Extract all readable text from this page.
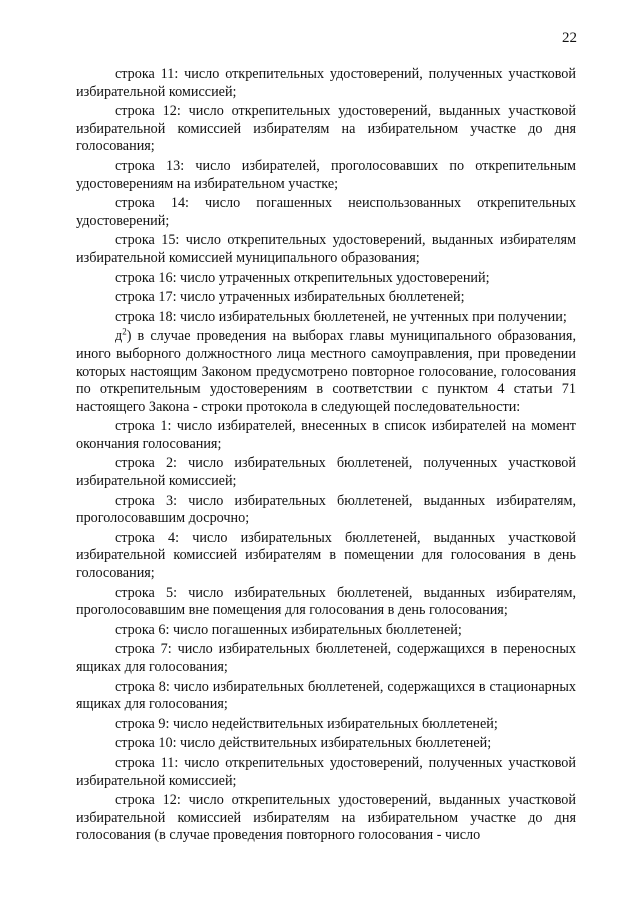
22

строка 11: число открепительных удостоверений, полученных участковой избирательной комиссией;

строка 12: число открепительных удостоверений, выданных участковой избирательной комиссией избирателям на избирательном участке до дня голосования;

строка 13: число избирателей, проголосовавших по открепительным удостоверениям на избирательном участке;

строка 14: число погашенных неиспользованных открепительных удостоверений;

строка 15: число открепительных удостоверений, выданных избирателям избирательной комиссией муниципального образования;

строка 16: число утраченных открепительных удостоверений;

строка 17: число утраченных избирательных бюллетеней;

строка 18: число избирательных бюллетеней, не учтенных при получении;

$д^2$) в случае проведения на выборах главы муниципального образования, иного выборного должностного лица местного самоуправления, при проведении которых настоящим Законом предусмотрено повторное голосование, голосования по открепительным удостоверениям в соответствии с пунктом 4 статьи 71 настоящего Закона - строки протокола в следующей последовательности:

строка 1: число избирателей, внесенных в список избирателей на момент окончания голосования;

строка 2: число избирательных бюллетеней, полученных участковой избирательной комиссией;

строка 3: число избирательных бюллетеней, выданных избирателям, проголосовавшим досрочно;

строка 4: число избирательных бюллетеней, выданных участковой избирательной комиссией избирателям в помещении для голосования в день голосования;

строка 5: число избирательных бюллетеней, выданных избирателям, проголосовавшим вне помещения для голосования в день голосования;

строка 6: число погашенных избирательных бюллетеней;

строка 7: число избирательных бюллетеней, содержащихся в переносных ящиках для голосования;

строка 8: число избирательных бюллетеней, содержащихся в стационарных ящиках для голосования;

строка 9: число недействительных избирательных бюллетеней;

строка 10: число действительных избирательных бюллетеней;

строка 11: число открепительных удостоверений, полученных участковой избирательной комиссией;

строка 12: число открепительных удостоверений, выданных участковой избирательной комиссией избирателям на избирательном участке до дня голосования (в случае проведения повторного голосования - число
